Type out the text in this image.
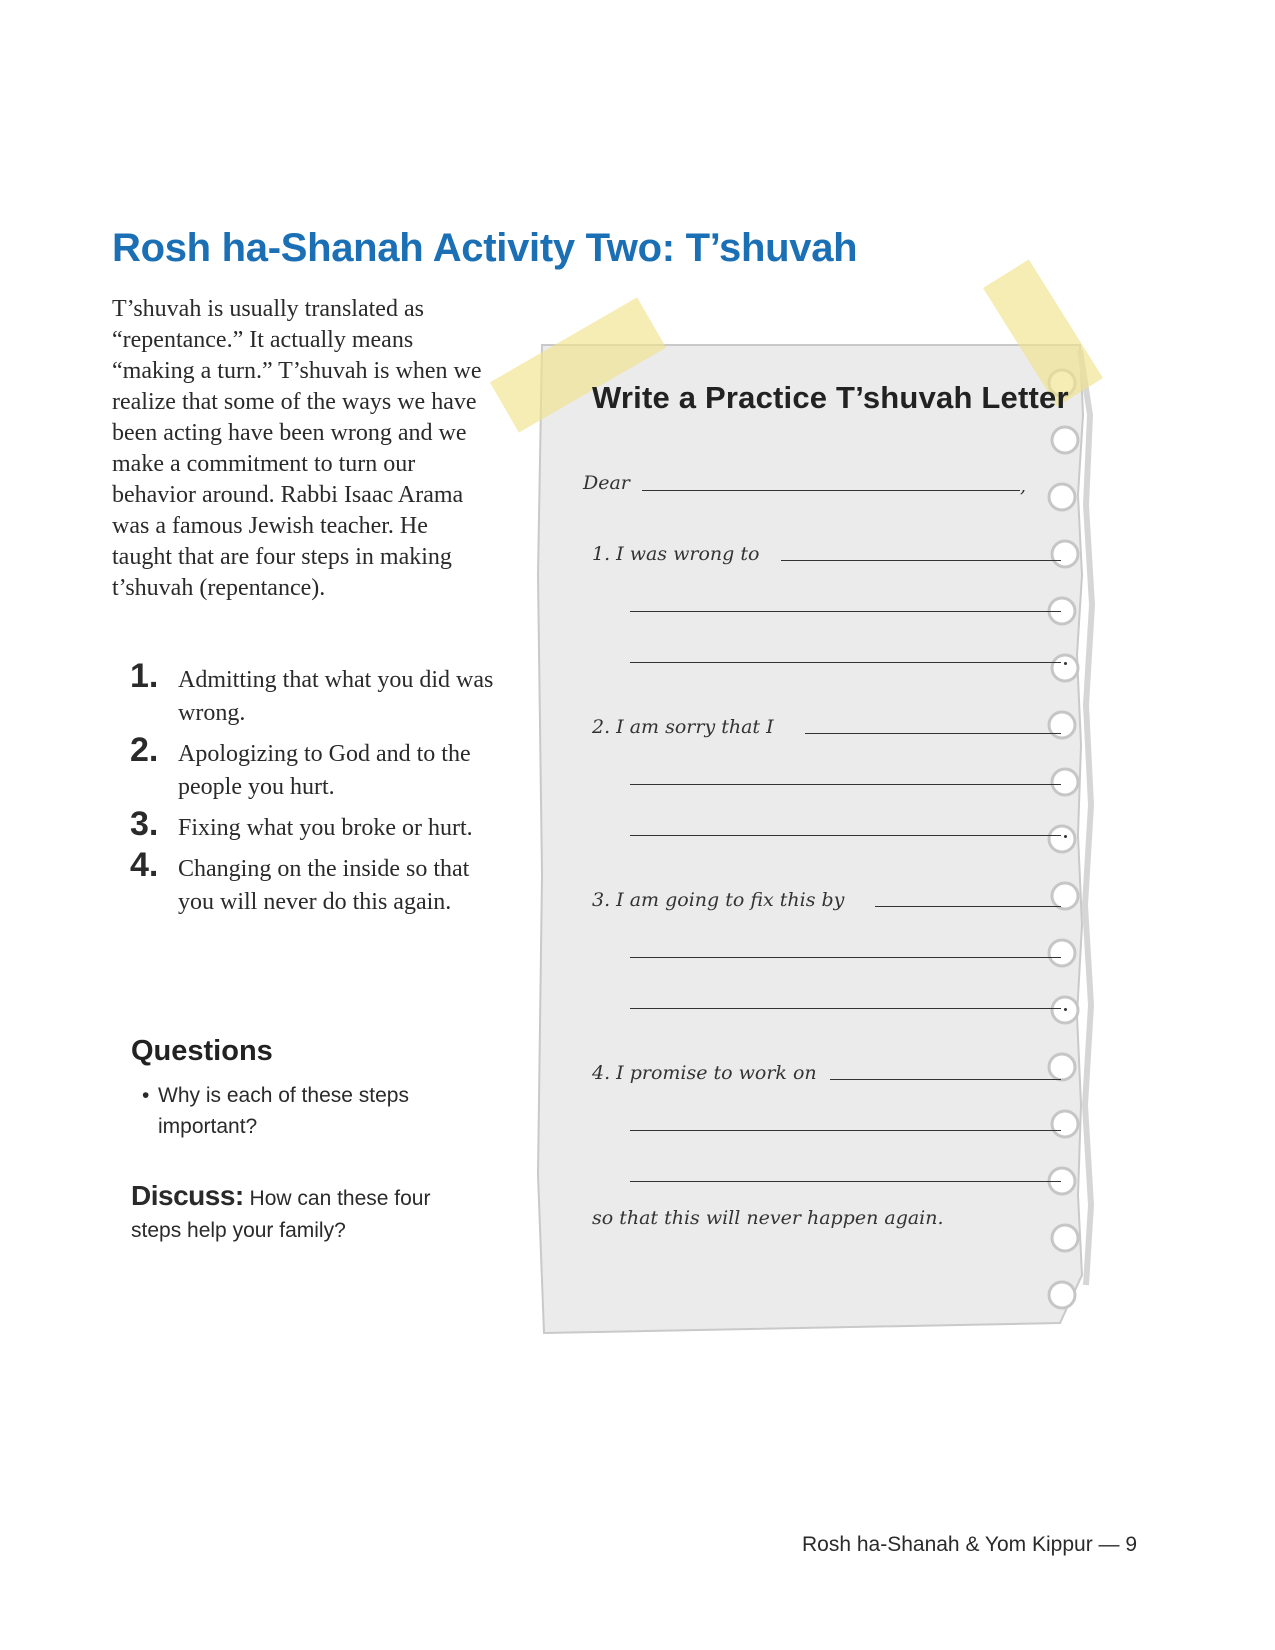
Rosh ha-Shanah Activity Two: T’shuvah

T’shuvah is usually translated as “repentance.” It actually means “making a turn.” T’shuvah is when we realize that some of the ways we have been acting have been wrong and we make a commitment to turn our behavior around. Rabbi Isaac Arama was a famous Jewish teacher. He taught that are four steps in making t’shuvah (repentance).

1. Admitting that what you did was wrong.
2. Apologizing to God and to the people you hurt.
3. Fixing what you broke or hurt.
4. Changing on the inside so that you will never do this again.
Questions

• Why is each of these steps important?

Discuss: How can these four steps help your family?

Write a Practice T’shuvah Letter
Dear	,
1. I was wrong to
2. I am sorry that I
3. I am going to fix this by
4. I promise to work on
so that this will never happen again.

Rosh ha-Shanah & Yom Kippur — 9
